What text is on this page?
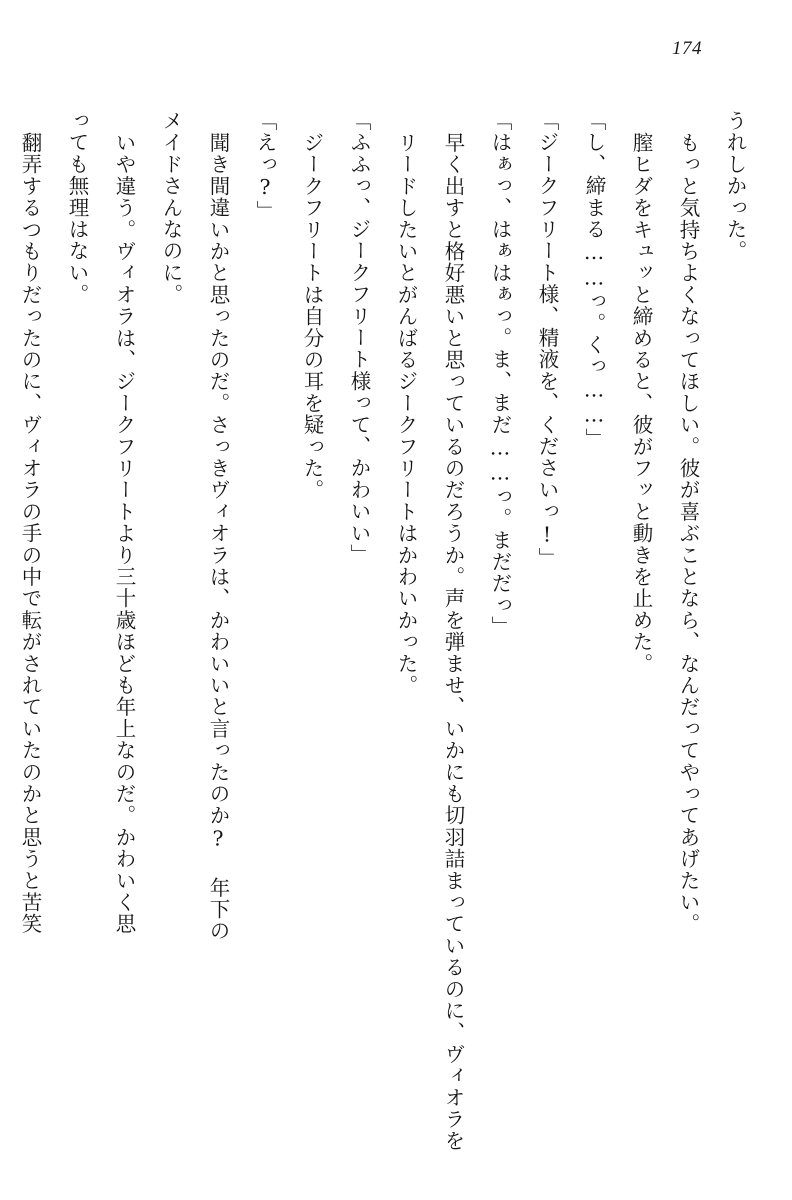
174
うれしかった。
もっと気持ちよくなってほしい。彼が喜ぶことなら、なんだってやってあげたい。
膣ヒダをキュッと締めると、彼がフッと動きを止めた。
「し、締まる……っ。くっ……」
「ジークフリート様、精液を、くださいっ!」
「はぁっ、はぁはぁっ。ま、まだ……っ。まだだっ」
早く出すと格好悪いと思っているのだろうか。声を弾ませ、いかにも切羽詰まっているのに、ヴィオラをリードしたいとがんばるジークフリートはかわいかった。
「ふふっ、ジークフリート様って、かわいい」
ジークフリートは自分の耳を疑った。
「えっ?」
聞き間違いかと思ったのだ。さっきヴィオラは、かわいいと言ったのか? 年下の
メイドさんなのに。
いや違う。ヴィオラは、ジークフリートより三十歳ほども年上なのだ。かわいく思
っても無理はない。
翻弄するつもりだったのに、ヴィオラの手の中で転がされていたのかと思うと苦笑
